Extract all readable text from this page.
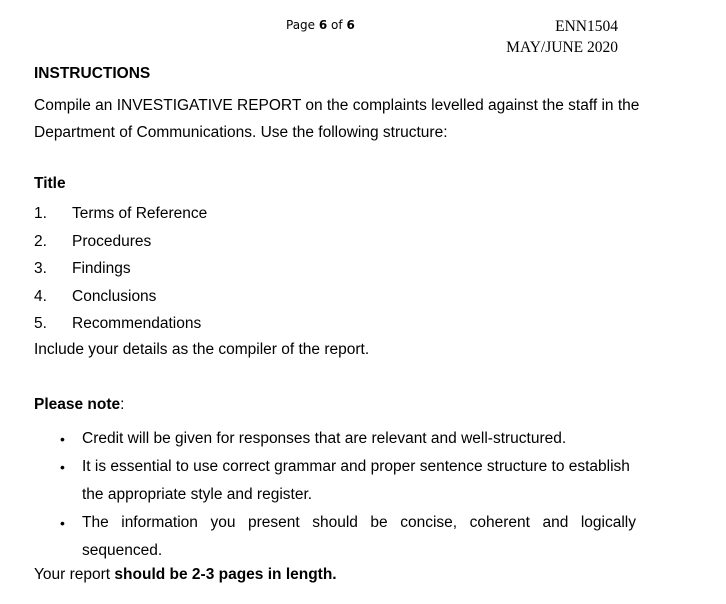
Page 6 of 6	ENN1504
MAY/JUNE 2020
INSTRUCTIONS
Compile an INVESTIGATIVE REPORT on the complaints levelled against the staff in the Department of Communications. Use the following structure:
Title
1. Terms of Reference
2. Procedures
3. Findings
4. Conclusions
5. Recommendations
Include your details as the compiler of the report.
Please note:
• Credit will be given for responses that are relevant and well-structured.
• It is essential to use correct grammar and proper sentence structure to establish the appropriate style and register.
• The information you present should be concise, coherent and logically sequenced.
Your report should be 2-3 pages in length.
